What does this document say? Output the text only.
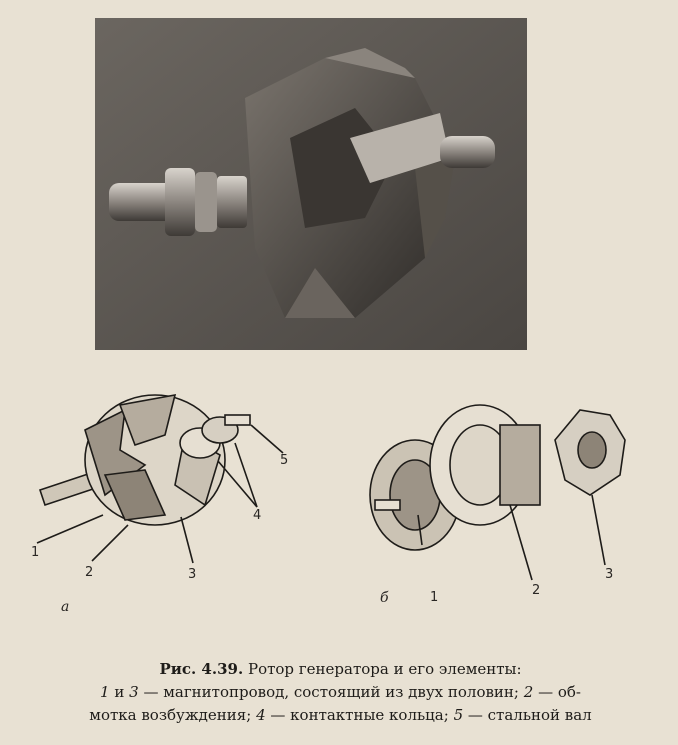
1
2	3
4
5
а
1	2
3
б
Рис. 4.39. Ротор генератора и его элементы:
1 и 3 — магнитопровод, состоящий из двух половин; 2 — об-
мотка возбуждения; 4 — контактные кольца; 5 — стальной вал
